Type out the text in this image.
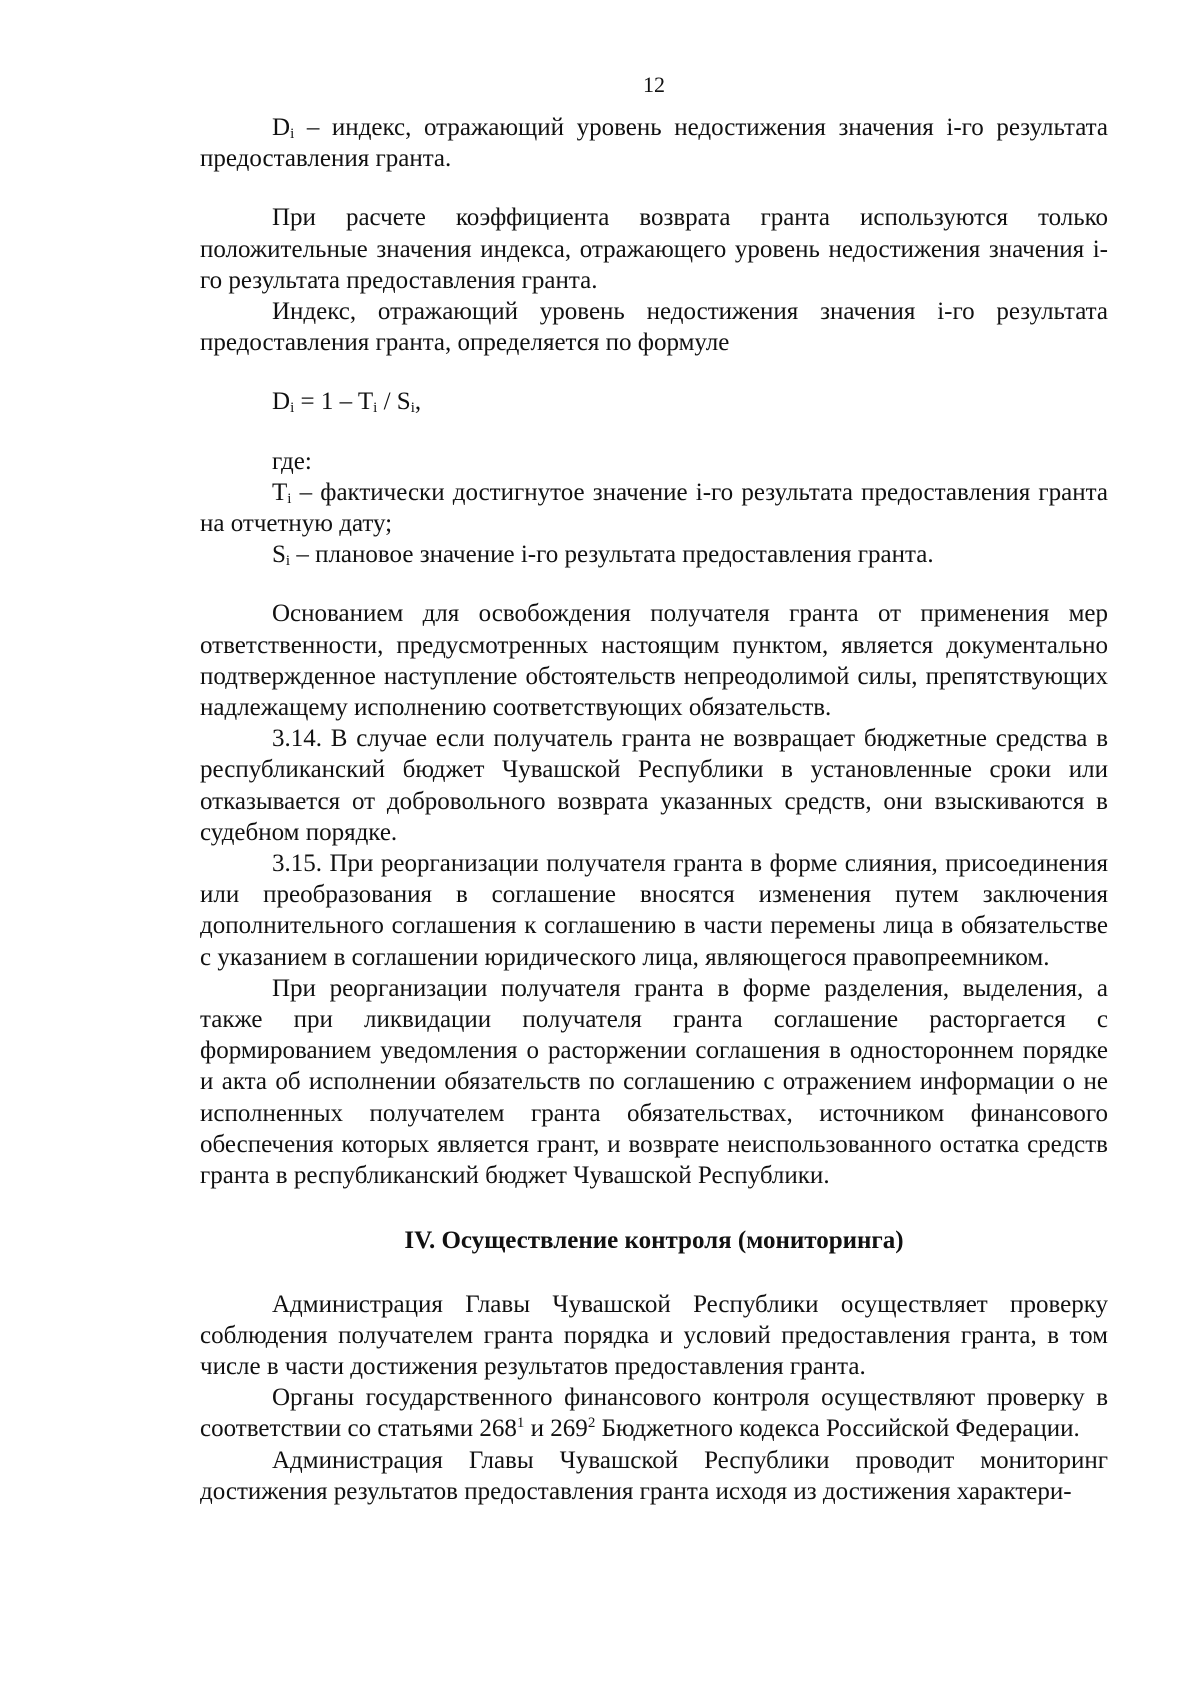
12

$D_i$ – индекс, отражающий уровень недостижения значения i-го результата предоставления гранта.

При расчете коэффициента возврата гранта используются только положительные значения индекса, отражающего уровень недостижения значения i-го результата предоставления гранта.

Индекс, отражающий уровень недостижения значения i-го результата предоставления гранта, определяется по формуле

$D_i = 1 - T_i / S_i$,

где:

$T_i$ – фактически достигнутое значение i-го результата предоставления гранта на отчетную дату;

$S_i$ – плановое значение i-го результата предоставления гранта.

Основанием для освобождения получателя гранта от применения мер ответственности, предусмотренных настоящим пунктом, является документально подтвержденное наступление обстоятельств непреодолимой силы, препятствующих надлежащему исполнению соответствующих обязательств.

3.14. В случае если получатель гранта не возвращает бюджетные средства в республиканский бюджет Чувашской Республики в установленные сроки или отказывается от добровольного возврата указанных средств, они взыскиваются в судебном порядке.

3.15. При реорганизации получателя гранта в форме слияния, присоединения или преобразования в соглашение вносятся изменения путем заключения дополнительного соглашения к соглашению в части перемены лица в обязательстве с указанием в соглашении юридического лица, являющегося правопреемником.

При реорганизации получателя гранта в форме разделения, выделения, а также при ликвидации получателя гранта соглашение расторгается с формированием уведомления о расторжении соглашения в одностороннем порядке и акта об исполнении обязательств по соглашению с отражением информации о не исполненных получателем гранта обязательствах, источником финансового обеспечения которых является грант, и возврате неиспользованного остатка средств гранта в республиканский бюджет Чувашской Республики.

IV. Осуществление контроля (мониторинга)

Администрация Главы Чувашской Республики осуществляет проверку соблюдения получателем гранта порядка и условий предоставления гранта, в том числе в части достижения результатов предоставления гранта.

Органы государственного финансового контроля осуществляют проверку в соответствии со статьями $268^1$ и $269^2$ Бюджетного кодекса Российской Федерации.

Администрация Главы Чувашской Республики проводит мониторинг достижения результатов предоставления гранта исходя из достижения характери-
